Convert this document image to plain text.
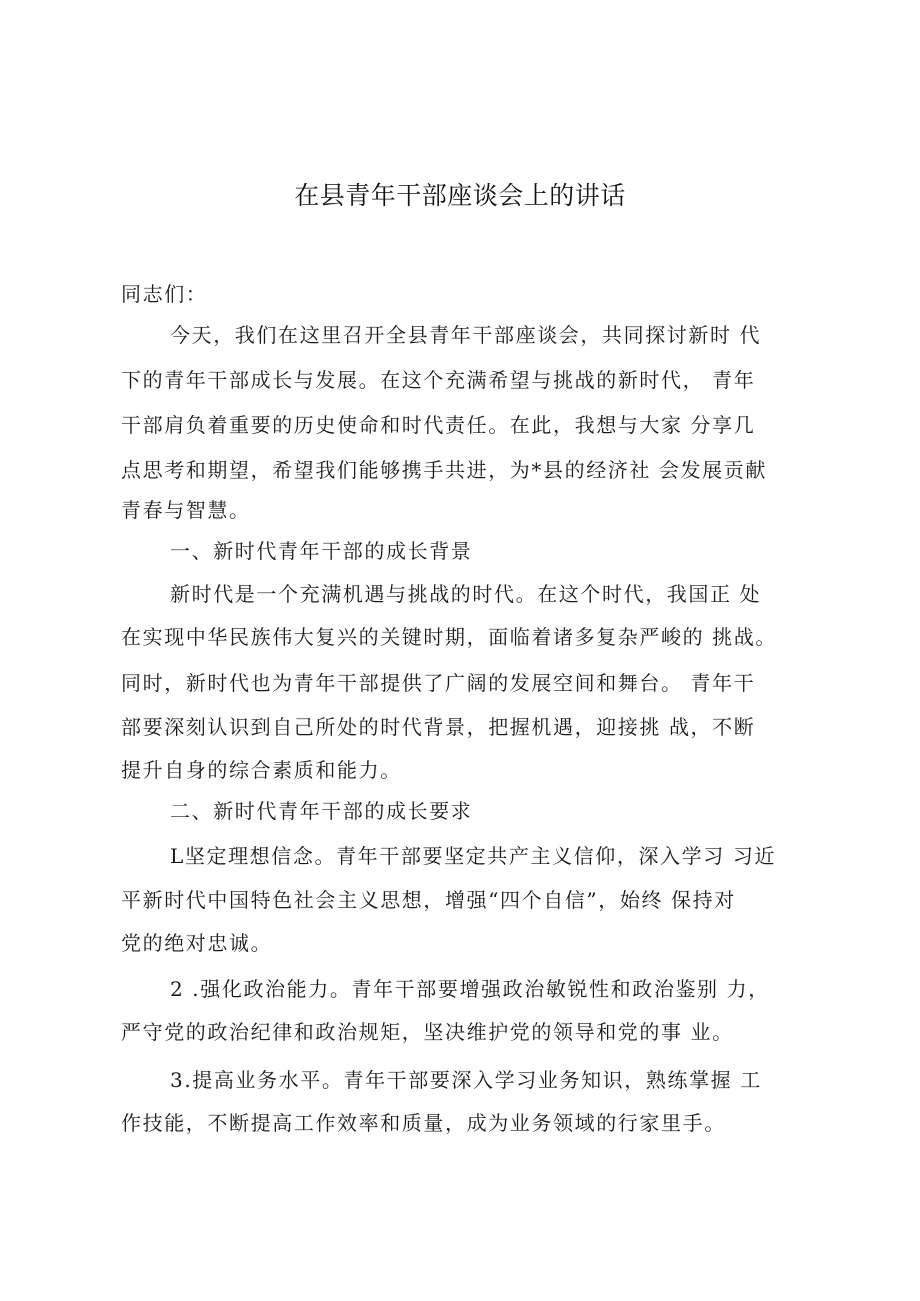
在县青年干部座谈会上的讲话
同志们：
今天，我们在这里召开全县青年干部座谈会，共同探讨新时 代
下的青年干部成长与发展。在这个充满希望与挑战的新时代， 青年
干部肩负着重要的历史使命和时代责任。在此，我想与大家 分享几
点思考和期望，希望我们能够携手共进，为*县的经济社 会发展贡献
青春与智慧。
一、新时代青年干部的成长背景
新时代是一个充满机遇与挑战的时代。在这个时代，我国正 处
在实现中华民族伟大复兴的关键时期，面临着诸多复杂严峻的 挑战。
同时，新时代也为青年干部提供了广阔的发展空间和舞台。 青年干
部要深刻认识到自己所处的时代背景，把握机遇，迎接挑 战，不断
提升自身的综合素质和能力。
二、新时代青年干部的成长要求
L坚定理想信念。青年干部要坚定共产主义信仰，深入学习 习近
平新时代中国特色社会主义思想，增强“四个自信”，始终 保持对
党的绝对忠诚。
2 .强化政治能力。青年干部要增强政治敏锐性和政治鉴别 力，
严守党的政治纪律和政治规矩，坚决维护党的领导和党的事 业。
3.提高业务水平。青年干部要深入学习业务知识，熟练掌握 工
作技能，不断提高工作效率和质量，成为业务领域的行家里手。
